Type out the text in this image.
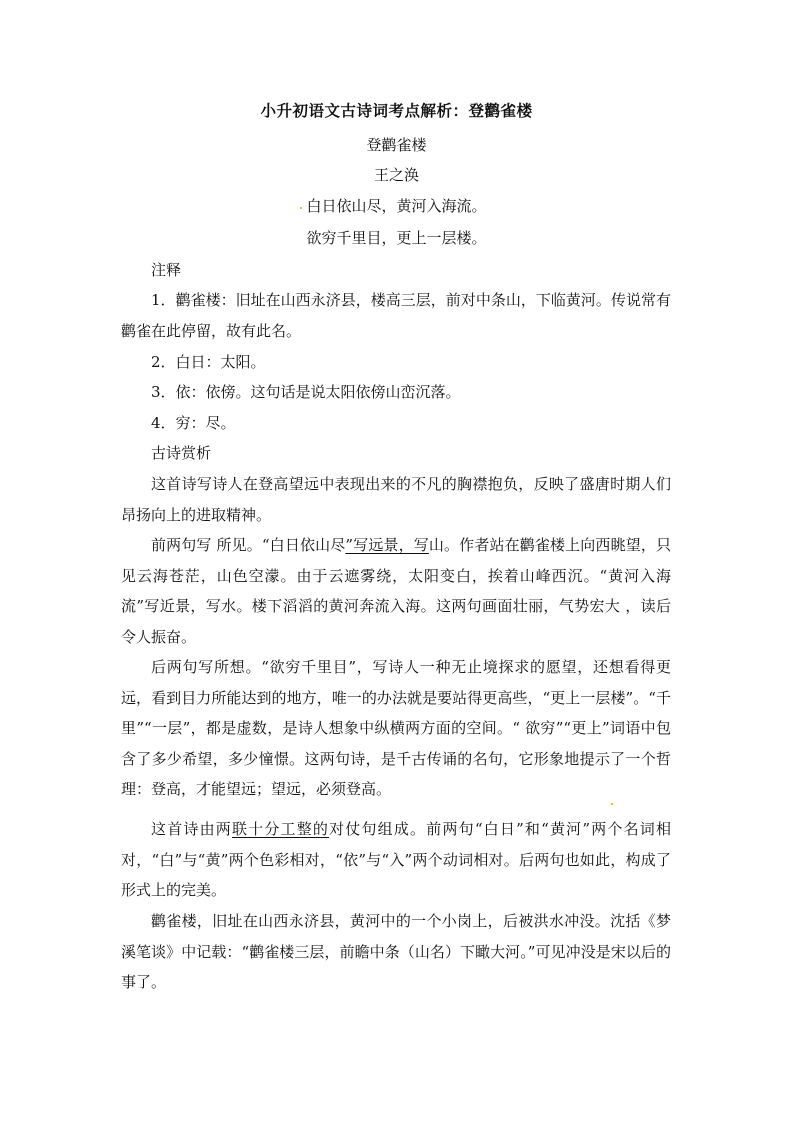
小升初语文古诗词考点解析：登鹳雀楼
登鹳雀楼
王之涣
白日依山尽，黄河入海流。
欲穷千里目，更上一层楼。
注释
1．鹳雀楼：旧址在山西永济县，楼高三层，前对中条山，下临黄河。传说常有鹳雀在此停留，故有此名。
2．白日：太阳。
3．依：依傍。这句话是说太阳依傍山峦沉落。
4．穷：尽。
古诗赏析
这首诗写诗人在登高望远中表现出来的不凡的胸襟抱负，反映了盛唐时期人们昂扬向上的进取精神。
前两句写 所见。“白日依山尽”写远景，写山。作者站在鹳雀楼上向西眺望，只见云海苍茫，山色空濛。由于云遮雾绕，太阳变白，挨着山峰西沉。“黄河入海流”写近景，写水。楼下滔滔的黄河奔流入海。这两句画面壮丽，气势宏大 ，读后令人振奋。
后两句写所想。“欲穷千里目”，写诗人一种无止境探求的愿望，还想看得更远，看到目力所能达到的地方，唯一的办法就是要站得更高些，“更上一层楼”。“千里”“一层”，都是虚数，是诗人想象中纵横两方面的空间。“ 欲穷”“更上”词语中包含了多少希望，多少憧憬。这两句诗，是千古传诵的名句，它形象地提示了一个哲理：登高，才能望远；望远，必须登高。
这首诗由两联十分工整的对仗句组成。前两句“白日”和“黄河”两个名词相对，“白”与“黄”两个色彩相对，“依”与“入”两个动词相对。后两句也如此，构成了形式上的完美。
鹳雀楼，旧址在山西永济县，黄河中的一个小岗上，后被洪水冲没。沈括《梦溪笔谈》中记载：“鹳雀楼三层，前瞻中条（山名）下瞰大河。”可见冲没是宋以后的事了。
